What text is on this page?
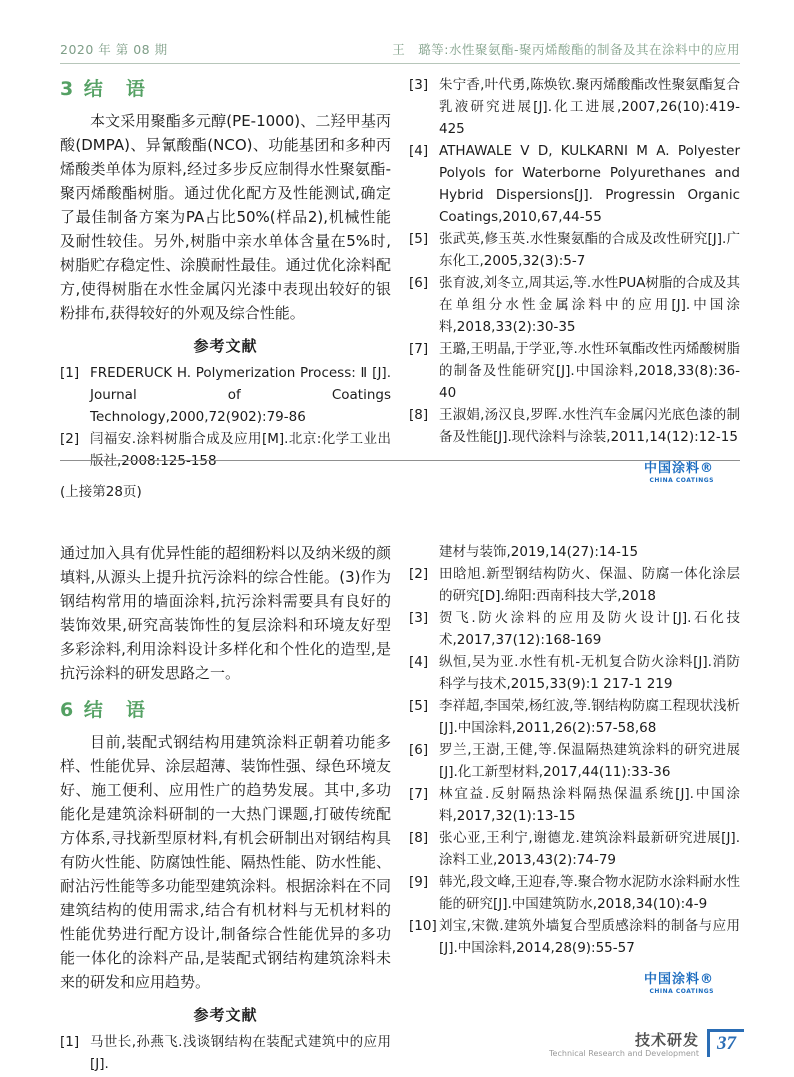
2020 年 第 08 期	王　璐等:水性聚氨酯-聚丙烯酸酯的制备及其在涂料中的应用
3 结　语

本文采用聚酯多元醇(PE-1000)、二羟甲基丙酸(DMPA)、异氰酸酯(NCO)、功能基团和多种丙烯酸类单体为原料,经过多步反应制得水性聚氨酯-聚丙烯酸酯树脂。通过优化配方及性能测试,确定了最佳制备方案为PA占比50%(样品2),机械性能及耐性较佳。另外,树脂中亲水单体含量在5%时,树脂贮存稳定性、涂膜耐性最佳。通过优化涂料配方,使得树脂在水性金属闪光漆中表现出较好的银粉排布,获得较好的外观及综合性能。

参考文献
[1] FREDERUCK H. Polymerization Process: Ⅱ [J]. Journal of Coatings Technology,2000,72(902):79-86
[2] 闫福安.涂料树脂合成及应用[M].北京:化学工业出版社,2008:125-158
[3] 朱宁香,叶代勇,陈焕钦.聚丙烯酸酯改性聚氨酯复合乳液研究进展[J].化工进展,2007,26(10):419-425
[4] ATHAWALE V D, KULKARNI M A. Polyester Polyols for Waterborne Polyurethanes and Hybrid Dispersions[J]. Progressin Organic Coatings,2010,67,44-55
[5] 张武英,修玉英.水性聚氨酯的合成及改性研究[J].广东化工,2005,32(3):5-7
[6] 张育波,刘冬立,周其运,等.水性PUA树脂的合成及其在单组分水性金属涂料中的应用[J].中国涂料,2018,33(2):30-35
[7] 王璐,王明晶,于学亚,等.水性环氧酯改性丙烯酸树脂的制备及性能研究[J].中国涂料,2018,33(8):36-40
[8] 王淑娟,汤汉良,罗晖.水性汽车金属闪光底色漆的制备及性能[J].现代涂料与涂装,2011,14(12):12-15
中国涂料®
CHINA COATINGS
(上接第28页)

通过加入具有优异性能的超细粉料以及纳米级的颜填料,从源头上提升抗污涂料的综合性能。(3)作为钢结构常用的墙面涂料,抗污涂料需要具有良好的装饰效果,研究高装饰性的复层涂料和环境友好型多彩涂料,利用涂料设计多样化和个性化的造型,是抗污涂料的研发思路之一。

6 结　语

目前,装配式钢结构用建筑涂料正朝着功能多样、性能优异、涂层超薄、装饰性强、绿色环境友好、施工便利、应用性广的趋势发展。其中,多功能化是建筑涂料研制的一大热门课题,打破传统配方体系,寻找新型原材料,有机会研制出对钢结构具有防火性能、防腐蚀性能、隔热性能、防水性能、耐沾污性能等多功能型建筑涂料。根据涂料在不同建筑结构的使用需求,结合有机材料与无机材料的性能优势进行配方设计,制备综合性能优异的多功能一体化的涂料产品,是装配式钢结构建筑涂料未来的研发和应用趋势。

参考文献
[1] 马世长,孙燕飞.浅谈钢结构在装配式建筑中的应用[J].
建材与装饰,2019,14(27):14-15
[2] 田晗旭.新型钢结构防火、保温、防腐一体化涂层的研究[D].绵阳:西南科技大学,2018
[3] 贺飞.防火涂料的应用及防火设计[J].石化技术,2017,37(12):168-169
[4] 纵恒,吴为亚.水性有机-无机复合防火涂料[J].消防科学与技术,2015,33(9):1 217-1 219
[5] 李祥超,李国荣,杨红波,等.钢结构防腐工程现状浅析[J].中国涂料,2011,26(2):57-58,68
[6] 罗兰,王澍,王健,等.保温隔热建筑涂料的研究进展[J].化工新型材料,2017,44(11):33-36
[7] 林宜益.反射隔热涂料隔热保温系统[J].中国涂料,2017,32(1):13-15
[8] 张心亚,王利宁,谢德龙.建筑涂料最新研究进展[J].涂料工业,2013,43(2):74-79
[9] 韩光,段文峰,王迎春,等.聚合物水泥防水涂料耐水性能的研究[J].中国建筑防水,2018,34(10):4-9
[10] 刘宝,宋微.建筑外墙复合型质感涂料的制备与应用[J].中国涂料,2014,28(9):55-57
中国涂料®
CHINA COATINGS
技术研发
Technical Research and Development 37
